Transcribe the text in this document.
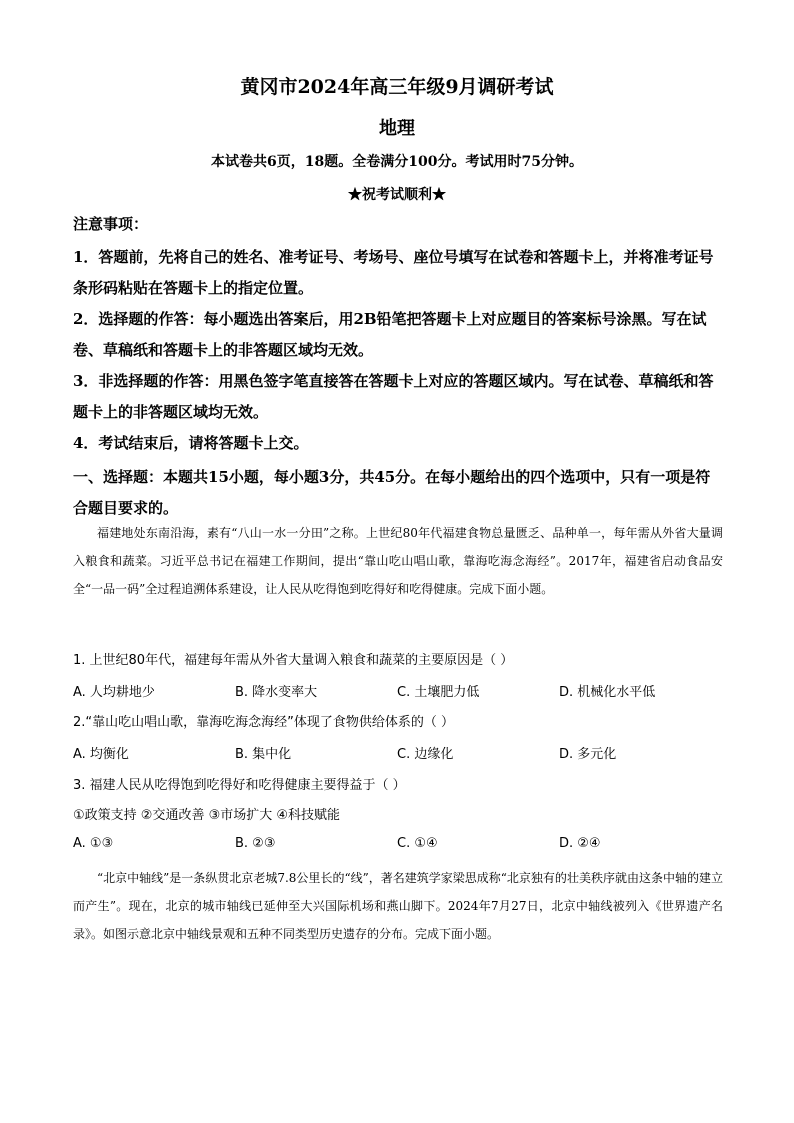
黄冈市2024年高三年级9月调研考试
地理
本试卷共6页，18题。全卷满分100分。考试用时75分钟。
★祝考试顺利★
注意事项：
1．答题前，先将自己的姓名、准考证号、考场号、座位号填写在试卷和答题卡上，并将准考证号条形码粘贴在答题卡上的指定位置。
2．选择题的作答：每小题选出答案后，用2B铅笔把答题卡上对应题目的答案标号涂黑。写在试卷、草稿纸和答题卡上的非答题区域均无效。
3．非选择题的作答：用黑色签字笔直接答在答题卡上对应的答题区域内。写在试卷、草稿纸和答题卡上的非答题区域均无效。
4．考试结束后，请将答题卡上交。
一、选择题：本题共15小题，每小题3分，共45分。在每小题给出的四个选项中，只有一项是符合题目要求的。

福建地处东南沿海，素有“八山一水一分田”之称。上世纪80年代福建食物总量匮乏、品种单一，每年需从外省大量调入粮食和蔬菜。习近平总书记在福建工作期间，提出“靠山吃山唱山歌，靠海吃海念海经”。2017年，福建省启动食品安全“一品一码”全过程追溯体系建设，让人民从吃得饱到吃得好和吃得健康。完成下面小题。

1. 上世纪80年代，福建每年需从外省大量调入粮食和蔬菜的主要原因是（ ）
A. 人均耕地少	B. 降水变率大	C. 土壤肥力低	D. 机械化水平低
2.“靠山吃山唱山歌，靠海吃海念海经”体现了食物供给体系的（ ）
A. 均衡化	B. 集中化	C. 边缘化	D. 多元化
3. 福建人民从吃得饱到吃得好和吃得健康主要得益于（ ）
①政策支持 ②交通改善 ③市场扩大 ④科技赋能
A. ①③	B. ②③	C. ①④	D. ②④

“北京中轴线”是一条纵贯北京老城7.8公里长的“线”，著名建筑学家梁思成称“北京独有的壮美秩序就由这条中轴的建立而产生”。现在，北京的城市轴线已延伸至大兴国际机场和燕山脚下。2024年7月27日，北京中轴线被列入《世界遗产名录》。如图示意北京中轴线景观和五种不同类型历史遗存的分布。完成下面小题。
